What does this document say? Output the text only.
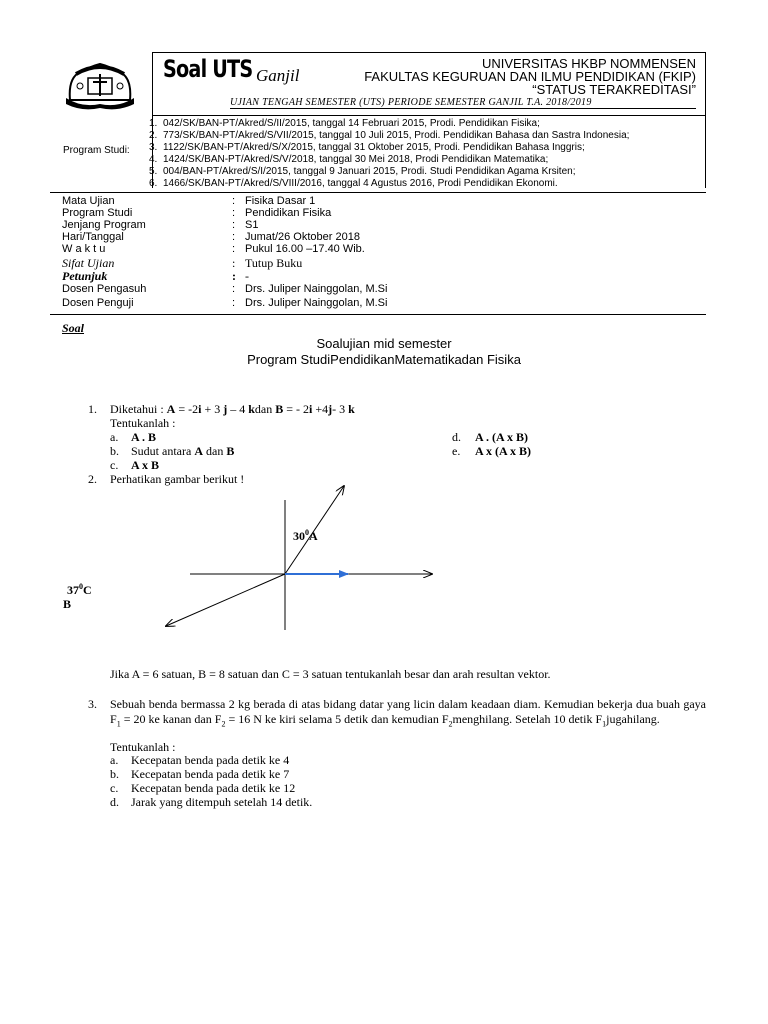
Soal UTS Ganjil
UNIVERSITAS HKBP NOMMENSEN
FAKULTAS KEGURUAN DAN ILMU PENDIDIKAN (FKIP)
“STATUS TERAKREDITASI”
UJIAN TENGAH SEMESTER (UTS) PERIODE SEMESTER GANJIL T.A. 2018/2019
Program Studi:
1. 042/SK/BAN-PT/Akred/S/II/2015, tanggal 14 Februari 2015, Prodi. Pendidikan Fisika;
2. 773/SK/BAN-PT/Akred/S/VII/2015, tanggal 10 Juli 2015, Prodi. Pendidikan Bahasa dan Sastra Indonesia;
3. 1122/SK/BAN-PT/Akred/S/X/2015, tanggal 31 Oktober 2015, Prodi. Pendidikan Bahasa Inggris;
4. 1424/SK/BAN-PT/Akred/S/V/2018, tanggal 30 Mei 2018, Prodi Pendidikan Matematika;
5. 004/BAN-PT/Akred/S/I/2015, tanggal 9 Januari 2015, Prodi. Studi Pendidikan Agama Krsiten;
6. 1466/SK/BAN-PT/Akred/S/VIII/2016, tanggal 4 Agustus 2016, Prodi Pendidikan Ekonomi.
Mata Ujian	: Fisika Dasar 1
Program Studi	: Pendidikan Fisika
Jenjang Program	: S1
Hari/Tanggal	: Jumat/26 Oktober 2018
W a k t u	: Pukul 16.00 –17.40 Wib.
Sifat Ujian	: Tutup Buku
Petunjuk	: -
Dosen Pengasuh	: Drs. Juliper Nainggolan, M.Si
Dosen Penguji	: Drs. Juliper Nainggolan, M.Si
Soal
Soalujian mid semester
Program StudiPendidikanMatematikadan Fisika
1. Diketahui : A = -2i + 3 j – 4 kdan B = - 2i +4j- 3 k
Tentukanlah :
a. A . B
b. Sudut antara A dan B
c. A x B
d. A . (A x B)
e. A x (A x B)
2. Perhatikan gambar berikut !
$30^0A$
$37^0C$
B
Jika A = 6 satuan, B = 8 satuan dan C = 3 satuan tentukanlah besar dan arah resultan vektor.
3. Sebuah benda bermassa 2 kg berada di atas bidang datar yang licin dalam keadaan diam. Kemudian bekerja dua buah gaya $F_1 = 20$ ke kanan dan $F_2 = 16$ N ke kiri selama 5 detik dan kemudian $F_2menghilang$. Setelah 10 detik $F_1jugahilang$.
Tentukanlah :
a. Kecepatan benda pada detik ke 4
b. Kecepatan benda pada detik ke 7
c. Kecepatan benda pada detik ke 12
d. Jarak yang ditempuh setelah 14 detik.
